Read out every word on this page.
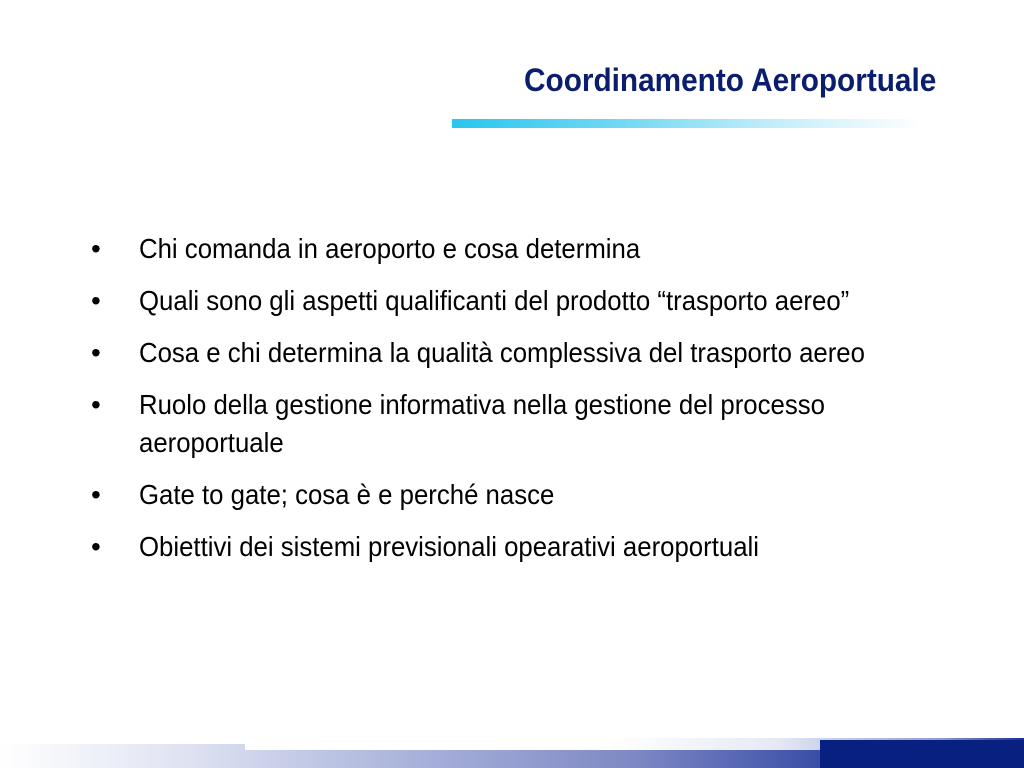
Coordinamento Aeroportuale
•	Chi comanda in aeroporto e cosa determina
•	Quali sono gli aspetti qualificanti del prodotto “trasporto aereo”
•	Cosa e chi determina la qualità complessiva del trasporto aereo
•	Ruolo della gestione informativa nella gestione del processo aeroportuale
•	Gate to gate; cosa è e perché nasce
•	Obiettivi dei sistemi previsionali opearativi aeroportuali
